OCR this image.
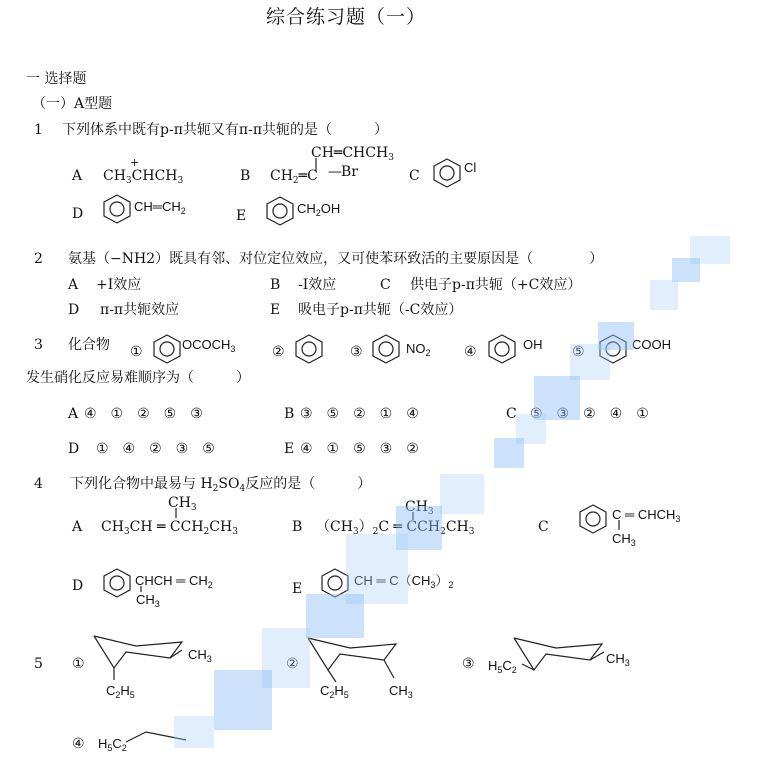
综合练习题（一）
一 选择题
（一）A型题
1 下列体系中既有p-π共轭又有π-π共轭的是（　　　）
A
+
$CH_3CHCH_3$	B
$CH═CHCH_3$
$CH_2═C$ — Br	C
Cl
D	$CH═CH_2$	E	$CH_2OH$
2 氨基（−NH2）既具有邻、对位定位效应，又可使苯环致活的主要原因是（　　　　）
A +I效应	B -I效应	C 供电子p-π共轭（+C效应）
D π-π共轭效应	E 吸电子p-π共轭（-C效应）
3 化合物 ①	$OCOCH_3$	②	③	$NO_2$ ④	OH ⑤	COOH
发生硝化反应易难顺序为（　　　）
A ④　①　②　⑤　③	B ③　⑤　②　①　④	C ⑤　③　②　④　①
D ①　④　②　③　⑤	E ④　①　⑤　③　②
4 下列化合物中最易与 $H_2SO_4$反应的是（　　　）
A
$CH_3$
$CH_3CH$ ═ $CCH_2CH_3$	B
$CH_3$
$(CH_3)_2C$ ═ $CCH_2CH_3$	C
C ═ $CHCH_3$
$CH_3$
D	CHCH ═ $CH_2$
$CH_3$
E
CH ═ $C(CH_3)_2$
5 ①
$CH_3$
$C_2H_5$
②
$C_2H_5$	$CH_3$
③ $H_5C_2$
$CH_3$
④ $H_5C_2$
